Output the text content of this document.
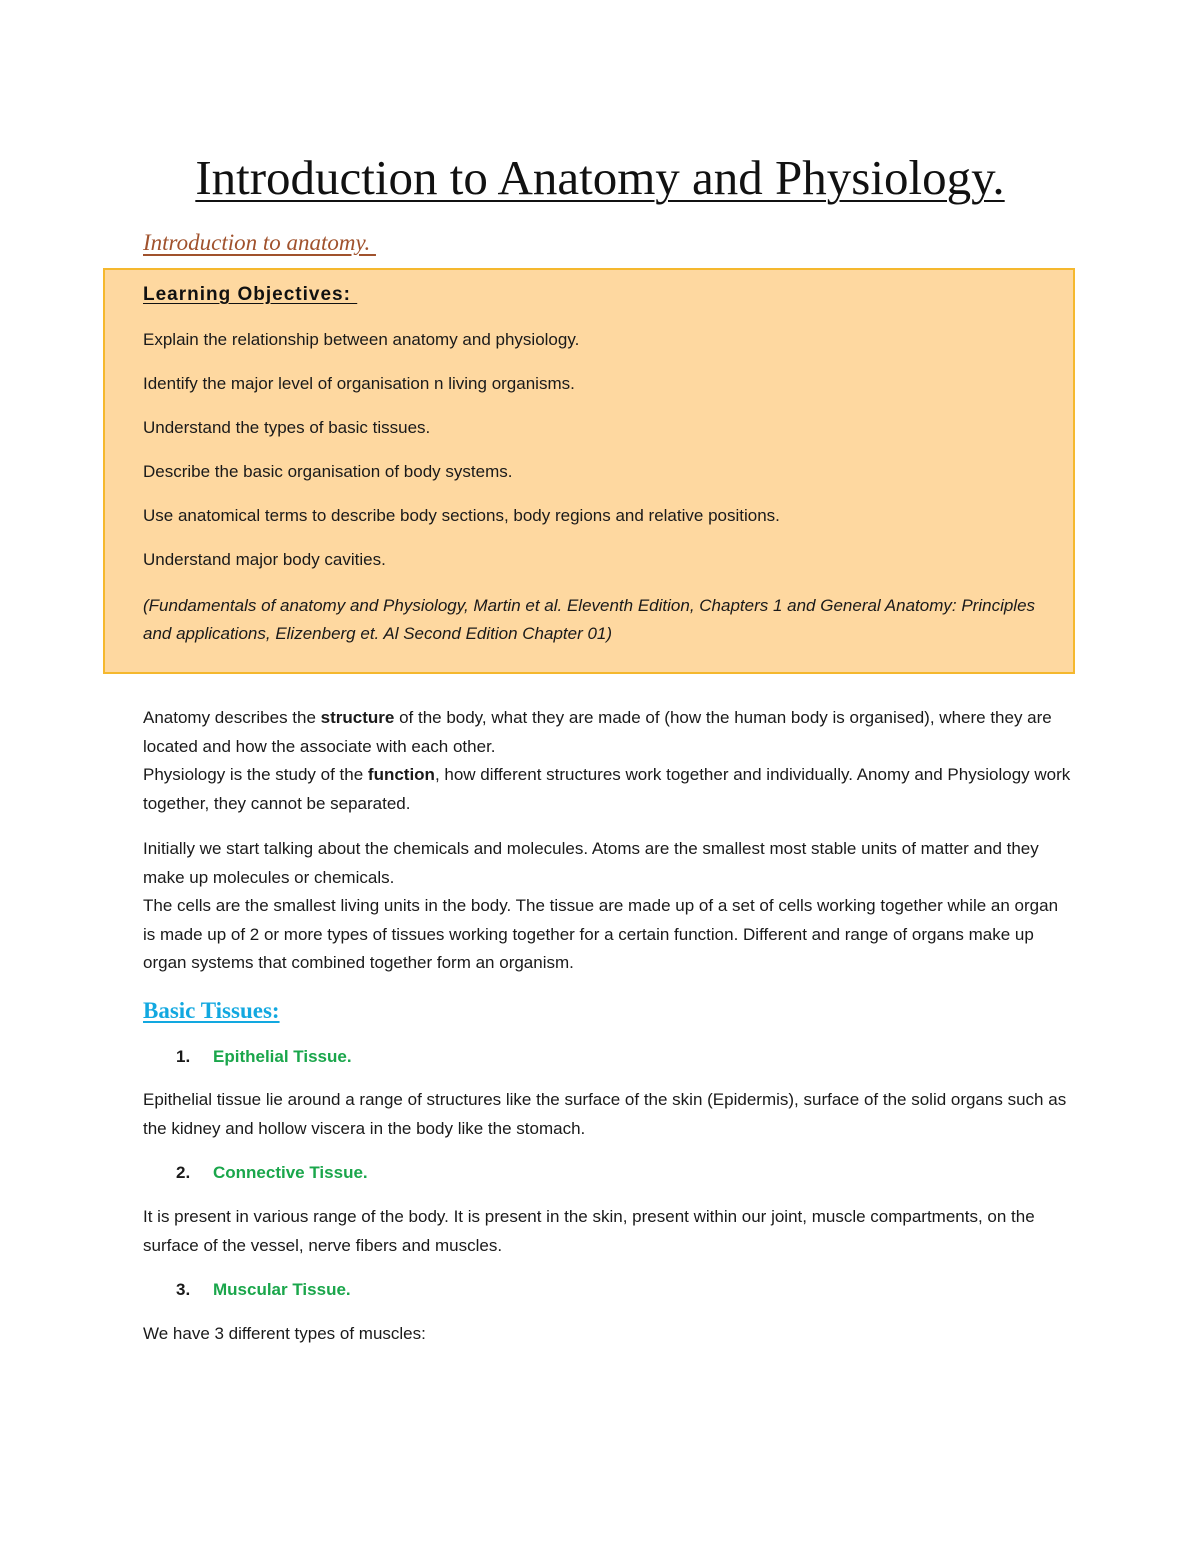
Introduction to Anatomy and Physiology.
Introduction to anatomy.

Learning Objectives:

Explain the relationship between anatomy and physiology.
Identify the major level of organisation n living organisms.
Understand the types of basic tissues.
Describe the basic organisation of body systems.
Use anatomical terms to describe body sections, body regions and relative positions.
Understand major body cavities.

(Fundamentals of anatomy and Physiology, Martin et al. Eleventh Edition, Chapters 1 and General Anatomy: Principles and applications, Elizenberg et. Al Second Edition Chapter 01)

Anatomy describes the structure of the body, what they are made of (how the human body is organised), where they are located and how the associate with each other.
Physiology is the study of the function, how different structures work together and individually. Anomy and Physiology work together, they cannot be separated.

Initially we start talking about the chemicals and molecules. Atoms are the smallest most stable units of matter and they make up molecules or chemicals.
The cells are the smallest living units in the body. The tissue are made up of a set of cells working together while an organ is made up of 2 or more types of tissues working together for a certain function. Different and range of organs make up organ systems that combined together form an organism.

Basic Tissues:

1. Epithelial Tissue.

Epithelial tissue lie around a range of structures like the surface of the skin (Epidermis), surface of the solid organs such as the kidney and hollow viscera in the body like the stomach.

2. Connective Tissue.

It is present in various range of the body. It is present in the skin, present within our joint, muscle compartments, on the surface of the vessel, nerve fibers and muscles.

3. Muscular Tissue.

We have 3 different types of muscles:
